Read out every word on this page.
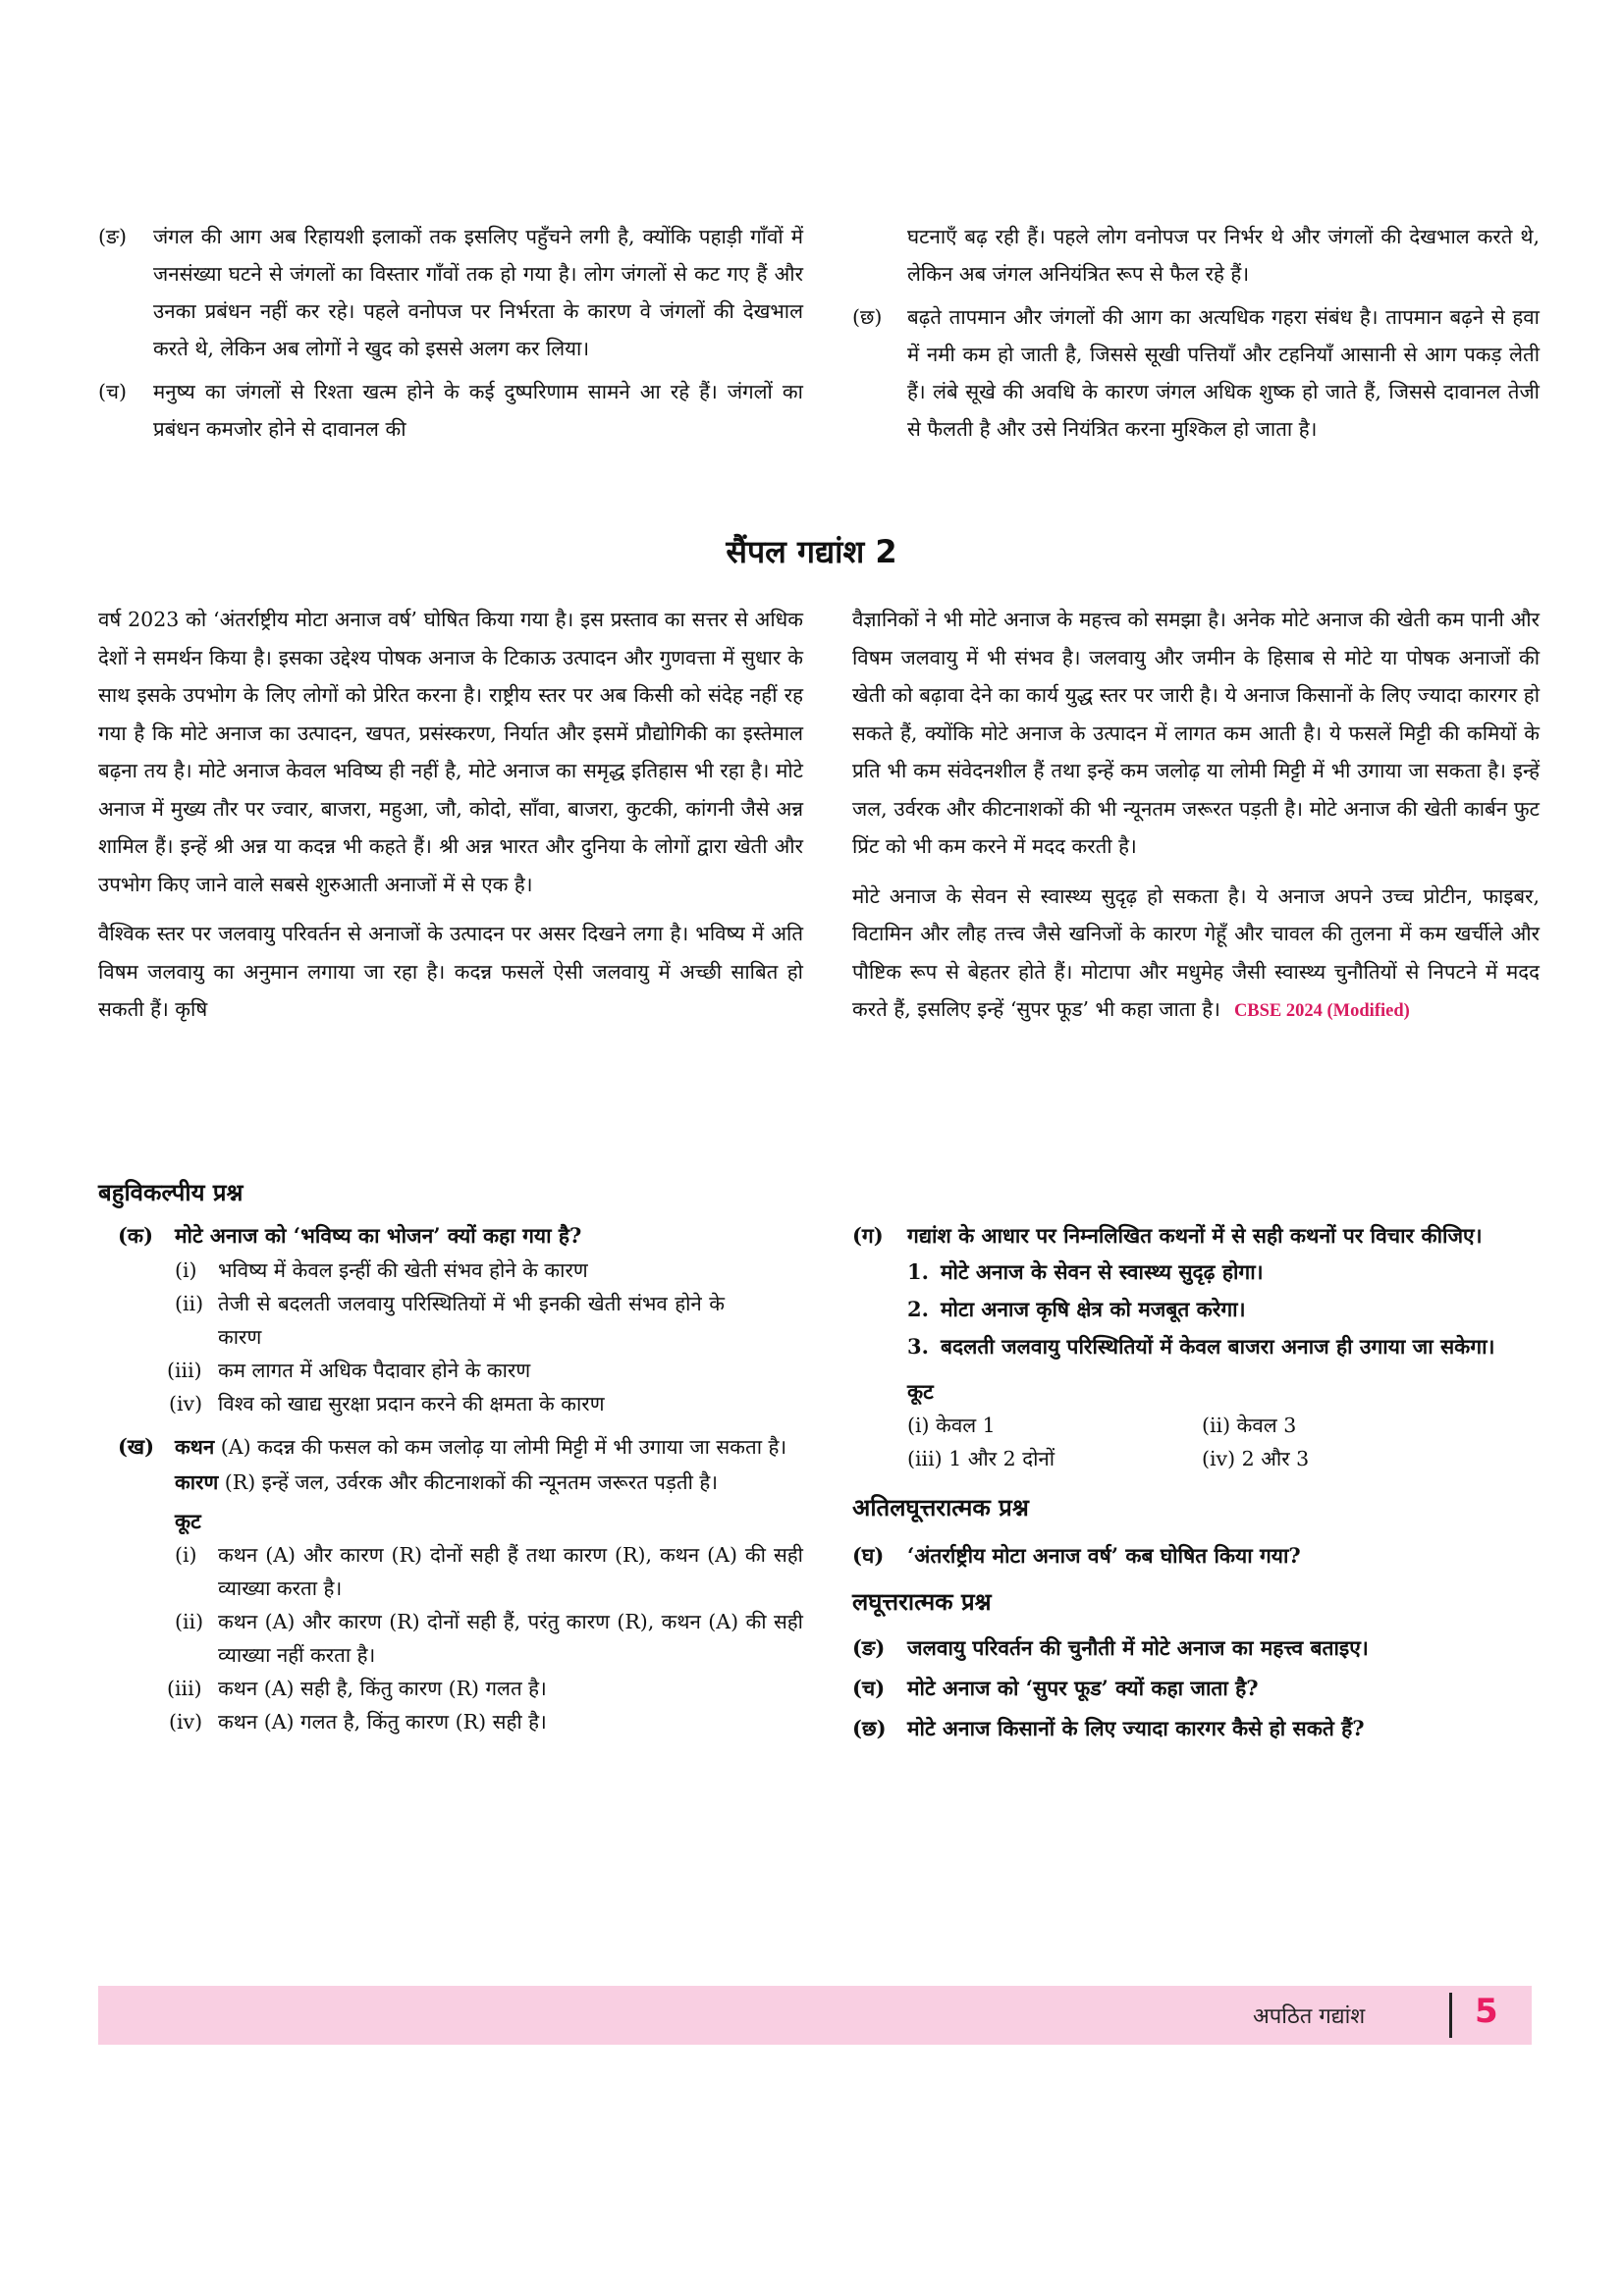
(ङ) जंगल की आग अब रिहायशी इलाकों तक इसलिए पहुँचने लगी है, क्योंकि पहाड़ी गाँवों में जनसंख्या घटने से जंगलों का विस्तार गाँवों तक हो गया है। लोग जंगलों से कट गए हैं और उनका प्रबंधन नहीं कर रहे। पहले वनोपज पर निर्भरता के कारण वे जंगलों की देखभाल करते थे, लेकिन अब लोगों ने खुद को इससे अलग कर लिया।
(च) मनुष्य का जंगलों से रिश्ता खत्म होने के कई दुष्परिणाम सामने आ रहे हैं। जंगलों का प्रबंधन कमजोर होने से दावानल की
घटनाएँ बढ़ रही हैं। पहले लोग वनोपज पर निर्भर थे और जंगलों की देखभाल करते थे, लेकिन अब जंगल अनियंत्रित रूप से फैल रहे हैं।
(छ) बढ़ते तापमान और जंगलों की आग का अत्यधिक गहरा संबंध है। तापमान बढ़ने से हवा में नमी कम हो जाती है, जिससे सूखी पत्तियाँ और टहनियाँ आसानी से आग पकड़ लेती हैं। लंबे सूखे की अवधि के कारण जंगल अधिक शुष्क हो जाते हैं, जिससे दावानल तेजी से फैलती है और उसे नियंत्रित करना मुश्किल हो जाता है।
सैंपल गद्यांश 2

वर्ष 2023 को ‘अंतर्राष्ट्रीय मोटा अनाज वर्ष’ घोषित किया गया है। इस प्रस्ताव का सत्तर से अधिक देशों ने समर्थन किया है। इसका उद्देश्य पोषक अनाज के टिकाऊ उत्पादन और गुणवत्ता में सुधार के साथ इसके उपभोग के लिए लोगों को प्रेरित करना है। राष्ट्रीय स्तर पर अब किसी को संदेह नहीं रह गया है कि मोटे अनाज का उत्पादन, खपत, प्रसंस्करण, निर्यात और इसमें प्रौद्योगिकी का इस्तेमाल बढ़ना तय है। मोटे अनाज केवल भविष्य ही नहीं है, मोटे अनाज का समृद्ध इतिहास भी रहा है। मोटे अनाज में मुख्य तौर पर ज्वार, बाजरा, महुआ, जौ, कोदो, साँवा, बाजरा, कुटकी, कांगनी जैसे अन्न शामिल हैं। इन्हें श्री अन्न या कदन्न भी कहते हैं। श्री अन्न भारत और दुनिया के लोगों द्वारा खेती और उपभोग किए जाने वाले सबसे शुरुआती अनाजों में से एक है।

वैश्विक स्तर पर जलवायु परिवर्तन से अनाजों के उत्पादन पर असर दिखने लगा है। भविष्य में अति विषम जलवायु का अनुमान लगाया जा रहा है। कदन्न फसलें ऐसी जलवायु में अच्छी साबित हो सकती हैं। कृषि

वैज्ञानिकों ने भी मोटे अनाज के महत्त्व को समझा है। अनेक मोटे अनाज की खेती कम पानी और विषम जलवायु में भी संभव है। जलवायु और जमीन के हिसाब से मोटे या पोषक अनाजों की खेती को बढ़ावा देने का कार्य युद्ध स्तर पर जारी है। ये अनाज किसानों के लिए ज्यादा कारगर हो सकते हैं, क्योंकि मोटे अनाज के उत्पादन में लागत कम आती है। ये फसलें मिट्टी की कमियों के प्रति भी कम संवेदनशील हैं तथा इन्हें कम जलोढ़ या लोमी मिट्टी में भी उगाया जा सकता है। इन्हें जल, उर्वरक और कीटनाशकों की भी न्यूनतम जरूरत पड़ती है। मोटे अनाज की खेती कार्बन फुट प्रिंट को भी कम करने में मदद करती है।

मोटे अनाज के सेवन से स्वास्थ्य सुदृढ़ हो सकता है। ये अनाज अपने उच्च प्रोटीन, फाइबर, विटामिन और लौह तत्त्व जैसे खनिजों के कारण गेहूँ और चावल की तुलना में कम खर्चीले और पौष्टिक रूप से बेहतर होते हैं। मोटापा और मधुमेह जैसी स्वास्थ्य चुनौतियों से निपटने में मदद करते हैं, इसलिए इन्हें ‘सुपर फूड’ भी कहा जाता है। CBSE 2024 (Modified)

बहुविकल्पीय प्रश्न
(क) मोटे अनाज को ‘भविष्य का भोजन’ क्यों कहा गया है?
(i) भविष्य में केवल इन्हीं की खेती संभव होने के कारण
(ii) तेजी से बदलती जलवायु परिस्थितियों में भी इनकी खेती संभव होने के कारण
(iii) कम लागत में अधिक पैदावार होने के कारण
(iv) विश्व को खाद्य सुरक्षा प्रदान करने की क्षमता के कारण
(ख) कथन (A) कदन्न की फसल को कम जलोढ़ या लोमी मिट्टी में भी उगाया जा सकता है।
कारण (R) इन्हें जल, उर्वरक और कीटनाशकों की न्यूनतम जरूरत पड़ती है।
कूट
(i) कथन (A) और कारण (R) दोनों सही हैं तथा कारण (R), कथन (A) की सही व्याख्या करता है।
(ii) कथन (A) और कारण (R) दोनों सही हैं, परंतु कारण (R), कथन (A) की सही व्याख्या नहीं करता है।
(iii) कथन (A) सही है, किंतु कारण (R) गलत है।
(iv) कथन (A) गलत है, किंतु कारण (R) सही है।
(ग) गद्यांश के आधार पर निम्नलिखित कथनों में से सही कथनों पर विचार कीजिए।
1. मोटे अनाज के सेवन से स्वास्थ्य सुदृढ़ होगा।
2. मोटा अनाज कृषि क्षेत्र को मजबूत करेगा।
3. बदलती जलवायु परिस्थितियों में केवल बाजरा अनाज ही उगाया जा सकेगा।
कूट
(i) केवल 1	(ii) केवल 3
(iii) 1 और 2 दोनों	(iv) 2 और 3
अतिलघूत्तरात्मक प्रश्न
(घ) ‘अंतर्राष्ट्रीय मोटा अनाज वर्ष’ कब घोषित किया गया?
लघूत्तरात्मक प्रश्न
(ङ) जलवायु परिवर्तन की चुनौती में मोटे अनाज का महत्त्व बताइए।
(च) मोटे अनाज को ‘सुपर फूड’ क्यों कहा जाता है?
(छ) मोटे अनाज किसानों के लिए ज्यादा कारगर कैसे हो सकते हैं?
अपठित गद्यांश	5
